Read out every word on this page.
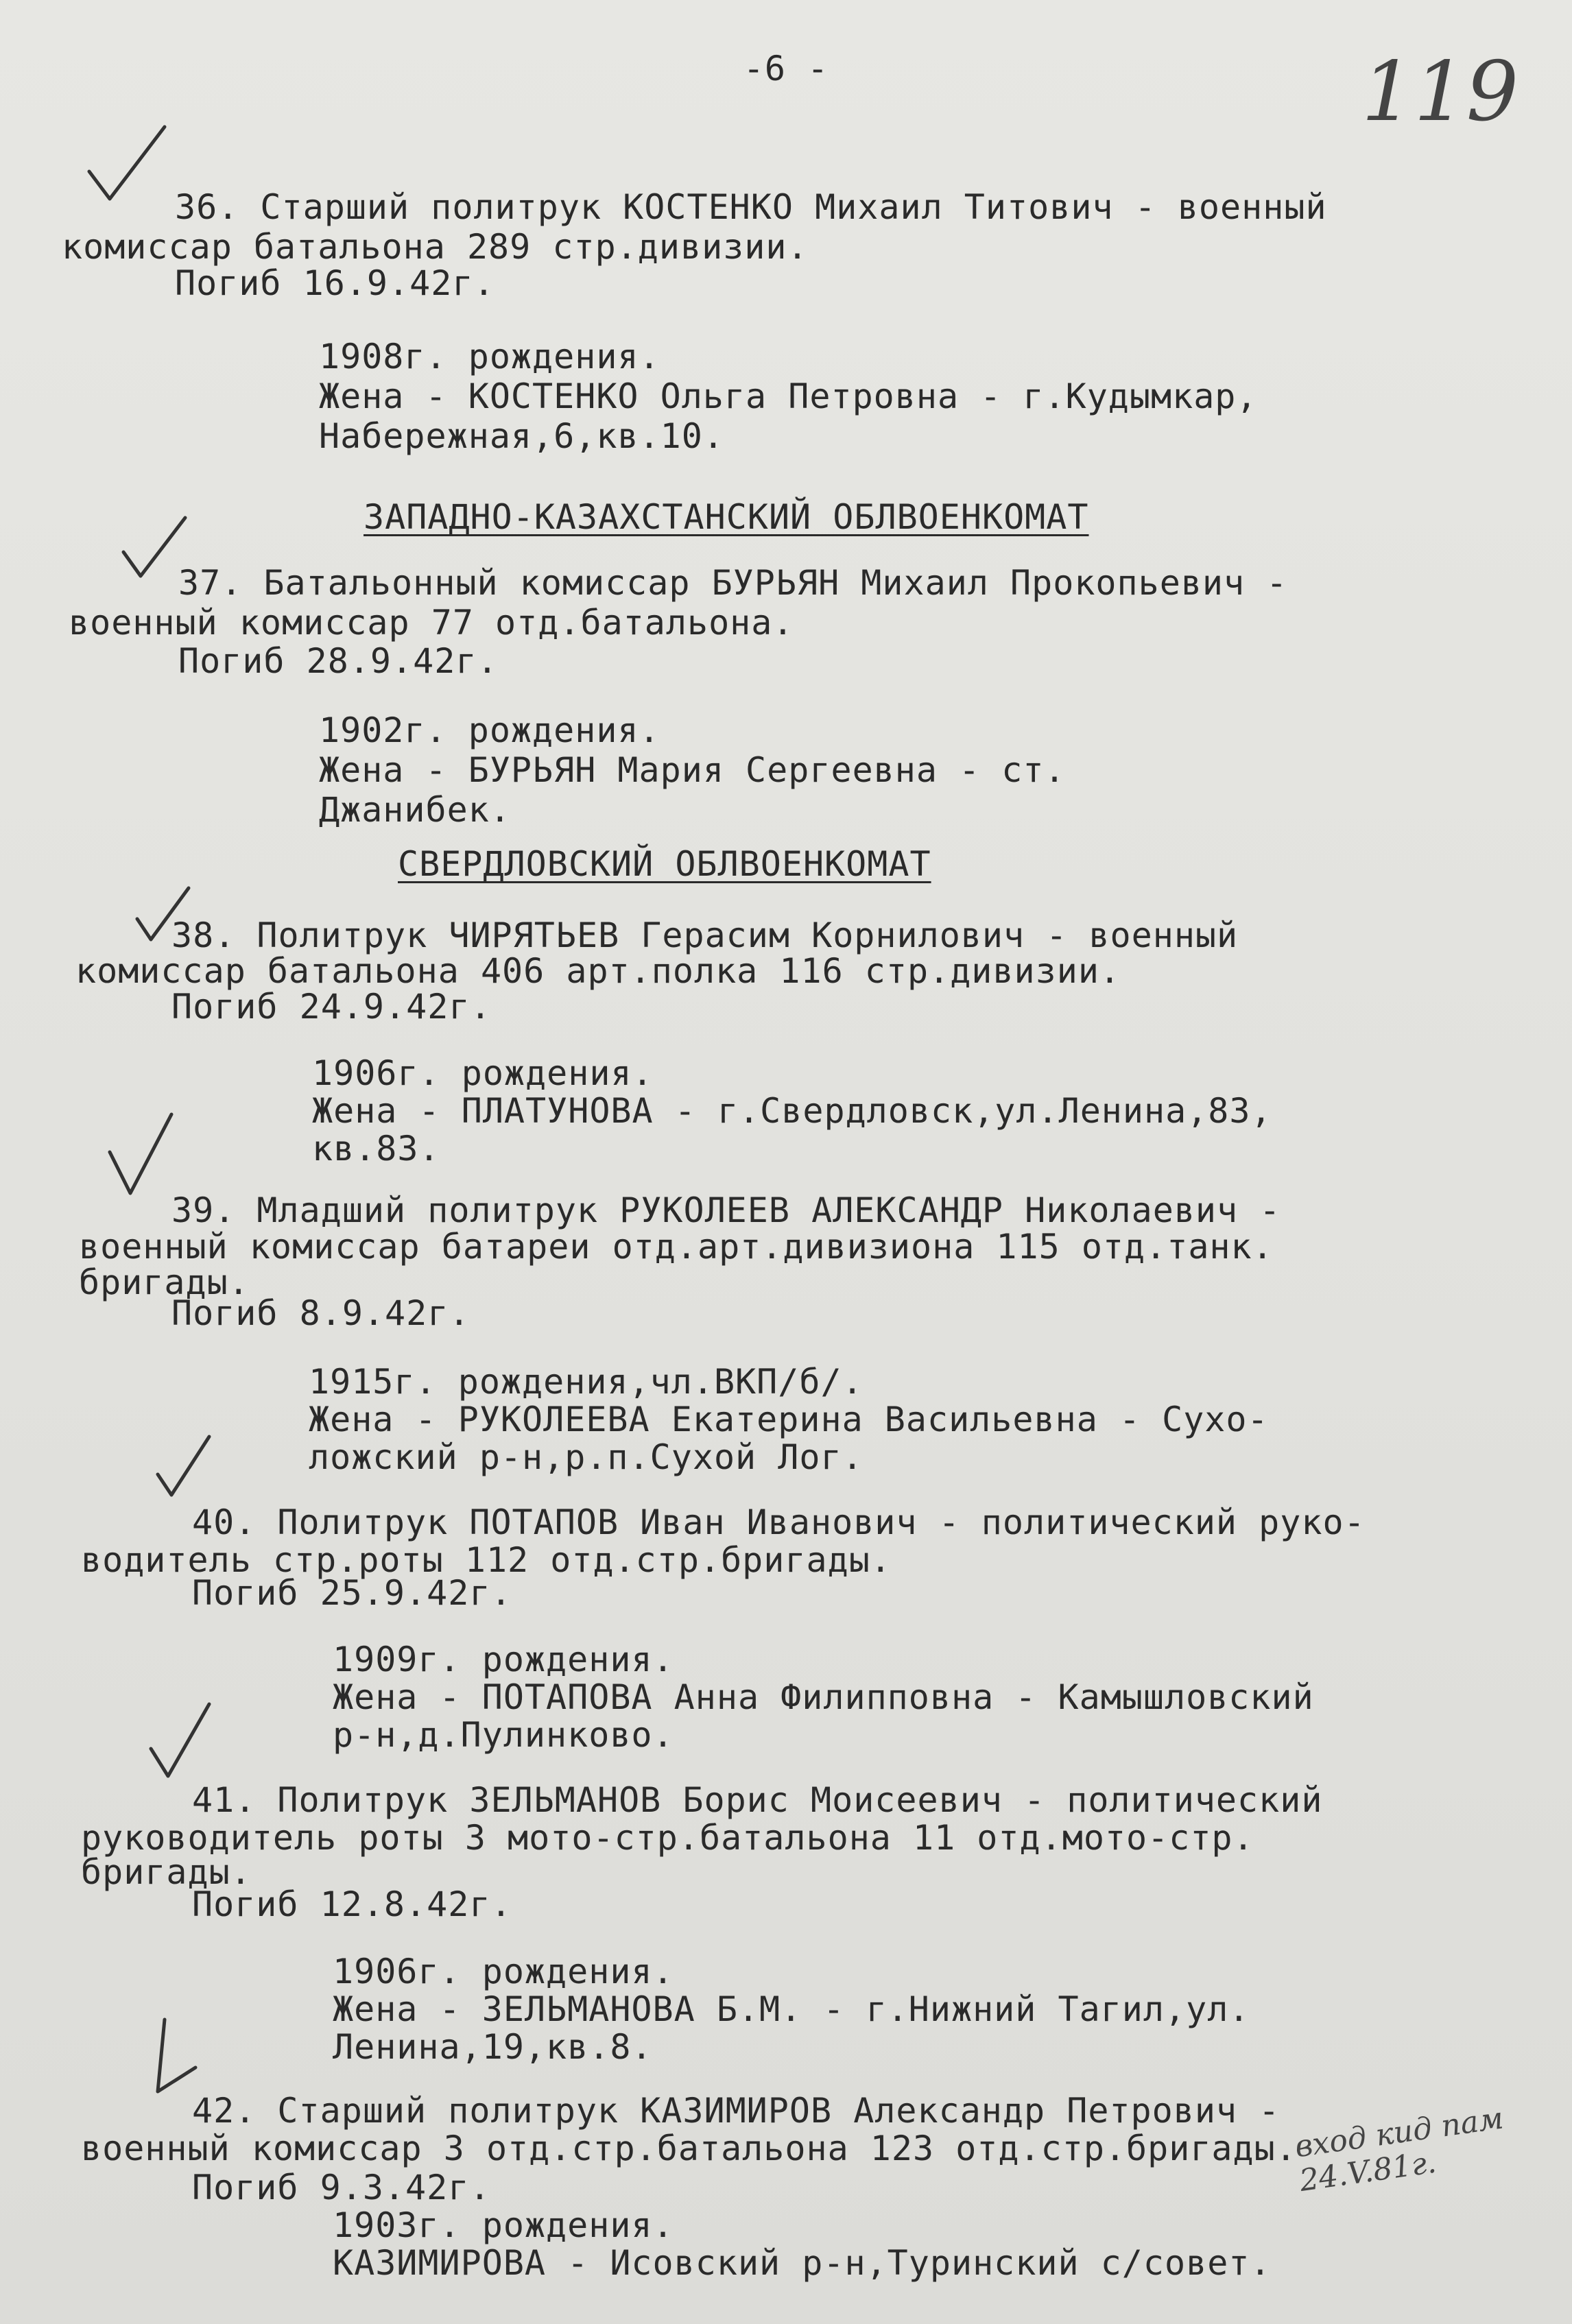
-6 -	119
36. Старший политрук КОСТЕНКО Михаил Титович - военный
комиссар батальона 289 стр.дивизии.
Погиб 16.9.42г.
1908г. рождения.
Жена - КОСТЕНКО Ольга Петровна - г.Кудымкар,
Набережная,6,кв.10.
ЗАПАДНО-КАЗАХСТАНСКИЙ ОБЛВОЕНКОМАТ
37. Батальонный комиссар БУРЬЯН Михаил Прокопьевич -
военный комиссар 77 отд.батальона.
Погиб 28.9.42г.
1902г. рождения.
Жена - БУРЬЯН Мария Сергеевна - ст.
Джанибек.
СВЕРДЛОВСКИЙ ОБЛВОЕНКОМАТ
38. Политрук ЧИРЯТЬЕВ Герасим Корнилович - военный
комиссар батальона 406 арт.полка 116 стр.дивизии.
Погиб 24.9.42г.
1906г. рождения.
Жена - ПЛАТУНОВА - г.Свердловск,ул.Ленина,83,
кв.83.
39. Младший политрук РУКОЛЕЕВ АЛЕКСАНДР Николаевич -
военный комиссар батареи отд.арт.дивизиона 115 отд.танк.
бригады.
Погиб 8.9.42г.
1915г. рождения,чл.ВКП/б/.
Жена - РУКОЛЕЕВА Екатерина Васильевна - Сухо-
ложский р-н,р.п.Сухой Лог.
40. Политрук ПОТАПОВ Иван Иванович - политический руко-
водитель стр.роты 112 отд.стр.бригады.
Погиб 25.9.42г.
1909г. рождения.
Жена - ПОТАПОВА Анна Филипповна - Камышловский
р-н,д.Пулинково.
41. Политрук ЗЕЛЬМАНОВ Борис Моисеевич - политический
руководитель роты 3 мото-стр.батальона 11 отд.мото-стр.
бригады.
Погиб 12.8.42г.
1906г. рождения.
Жена - ЗЕЛЬМАНОВА Б.М. - г.Нижний Тагил,ул.
Ленина,19,кв.8.
42. Старший политрук КАЗИМИРОВ Александр Петрович -
военный комиссар 3 отд.стр.батальона 123 отд.стр.бригады.
Погиб 9.3.42г.
1903г. рождения.
КАЗИМИРОВА - Исовский р-н,Туринский с/совет.
вход кид пам 24.V.81г.
